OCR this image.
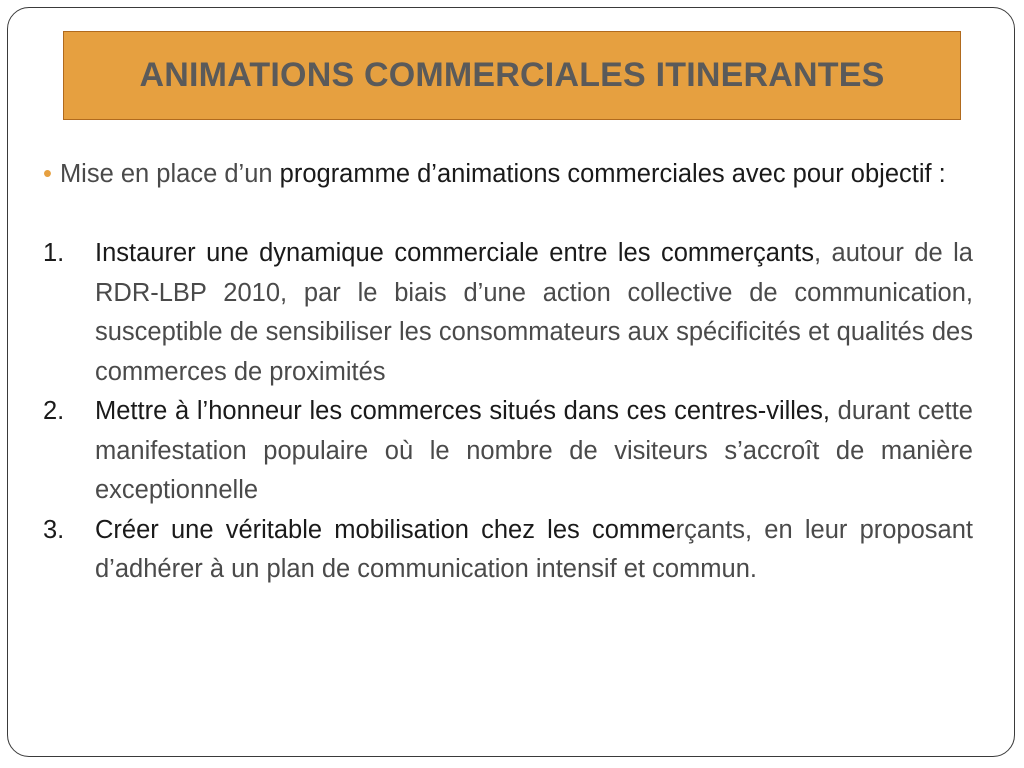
ANIMATIONS COMMERCIALES ITINERANTES

• Mise en place d’un programme d’animations commerciales avec pour objectif :

1. Instaurer une dynamique commerciale entre les commerçants, autour de la RDR-LBP 2010, par le biais d’une action collective de communication, susceptible de sensibiliser les consommateurs aux spécificités et qualités des commerces de proximités

2. Mettre à l’honneur les commerces situés dans ces centres-villes, durant cette manifestation populaire où le nombre de visiteurs s’accroît de manière exceptionnelle

3. Créer une véritable mobilisation chez les commerçants, en leur proposant d’adhérer à un plan de communication intensif et commun.
